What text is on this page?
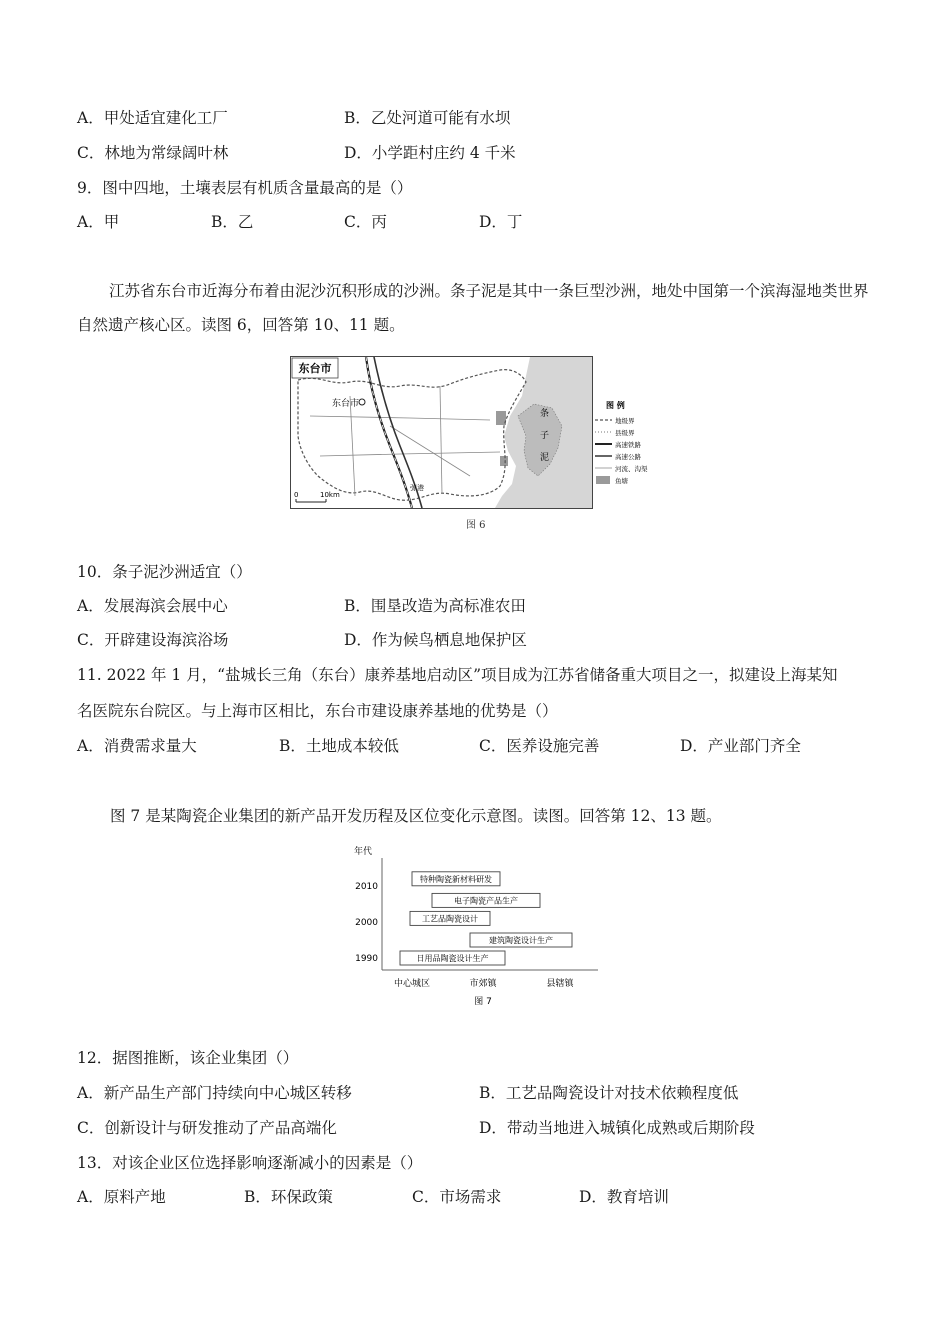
A．甲处适宜建化工厂	B．乙处河道可能有水坝
C．林地为常绿阔叶林	D．小学距村庄约 4 千米
9．图中四地，土壤表层有机质含量最高的是（）
A．甲	B．乙	C．丙	D．丁
江苏省东台市近海分布着由泥沙沉积形成的沙洲。条子泥是其中一条巨型沙洲，地处中国第一个滨海湿地类世界自然遗产核心区。读图 6，回答第 10、11 题。
东台市
东台市
条
子
泥
弶港
0	10km
图 例
地级界
县级界
高速铁路
高速公路
河流、沟渠
鱼塘
图 6
10．条子泥沙洲适宜（）
A．发展海滨会展中心	B．围垦改造为高标准农田
C．开辟建设海滨浴场	D．作为候鸟栖息地保护区
11. 2022 年 1 月，“盐城长三角（东台）康养基地启动区”项目成为江苏省储备重大项目之一，拟建设上海某知
名医院东台院区。与上海市区相比，东台市建设康养基地的优势是（）
A．消费需求量大	B．土地成本较低	C．医养设施完善	D．产业部门齐全
图 7 是某陶瓷企业集团的新产品开发历程及区位变化示意图。读图。回答第 12、13 题。
年代
2010
2000
1990
特种陶瓷新材料研发
电子陶瓷产品生产
工艺品陶瓷设计
建筑陶瓷设计生产
日用品陶瓷设计生产
中心城区	市郊镇	县辖镇
图 7
12．据图推断，该企业集团（）
A．新产品生产部门持续向中心城区转移	B．工艺品陶瓷设计对技术依赖程度低
C．创新设计与研发推动了产品高端化	D．带动当地进入城镇化成熟或后期阶段
13．对该企业区位选择影响逐渐减小的因素是（）
A．原料产地	B．环保政策	C．市场需求	D．教育培训
